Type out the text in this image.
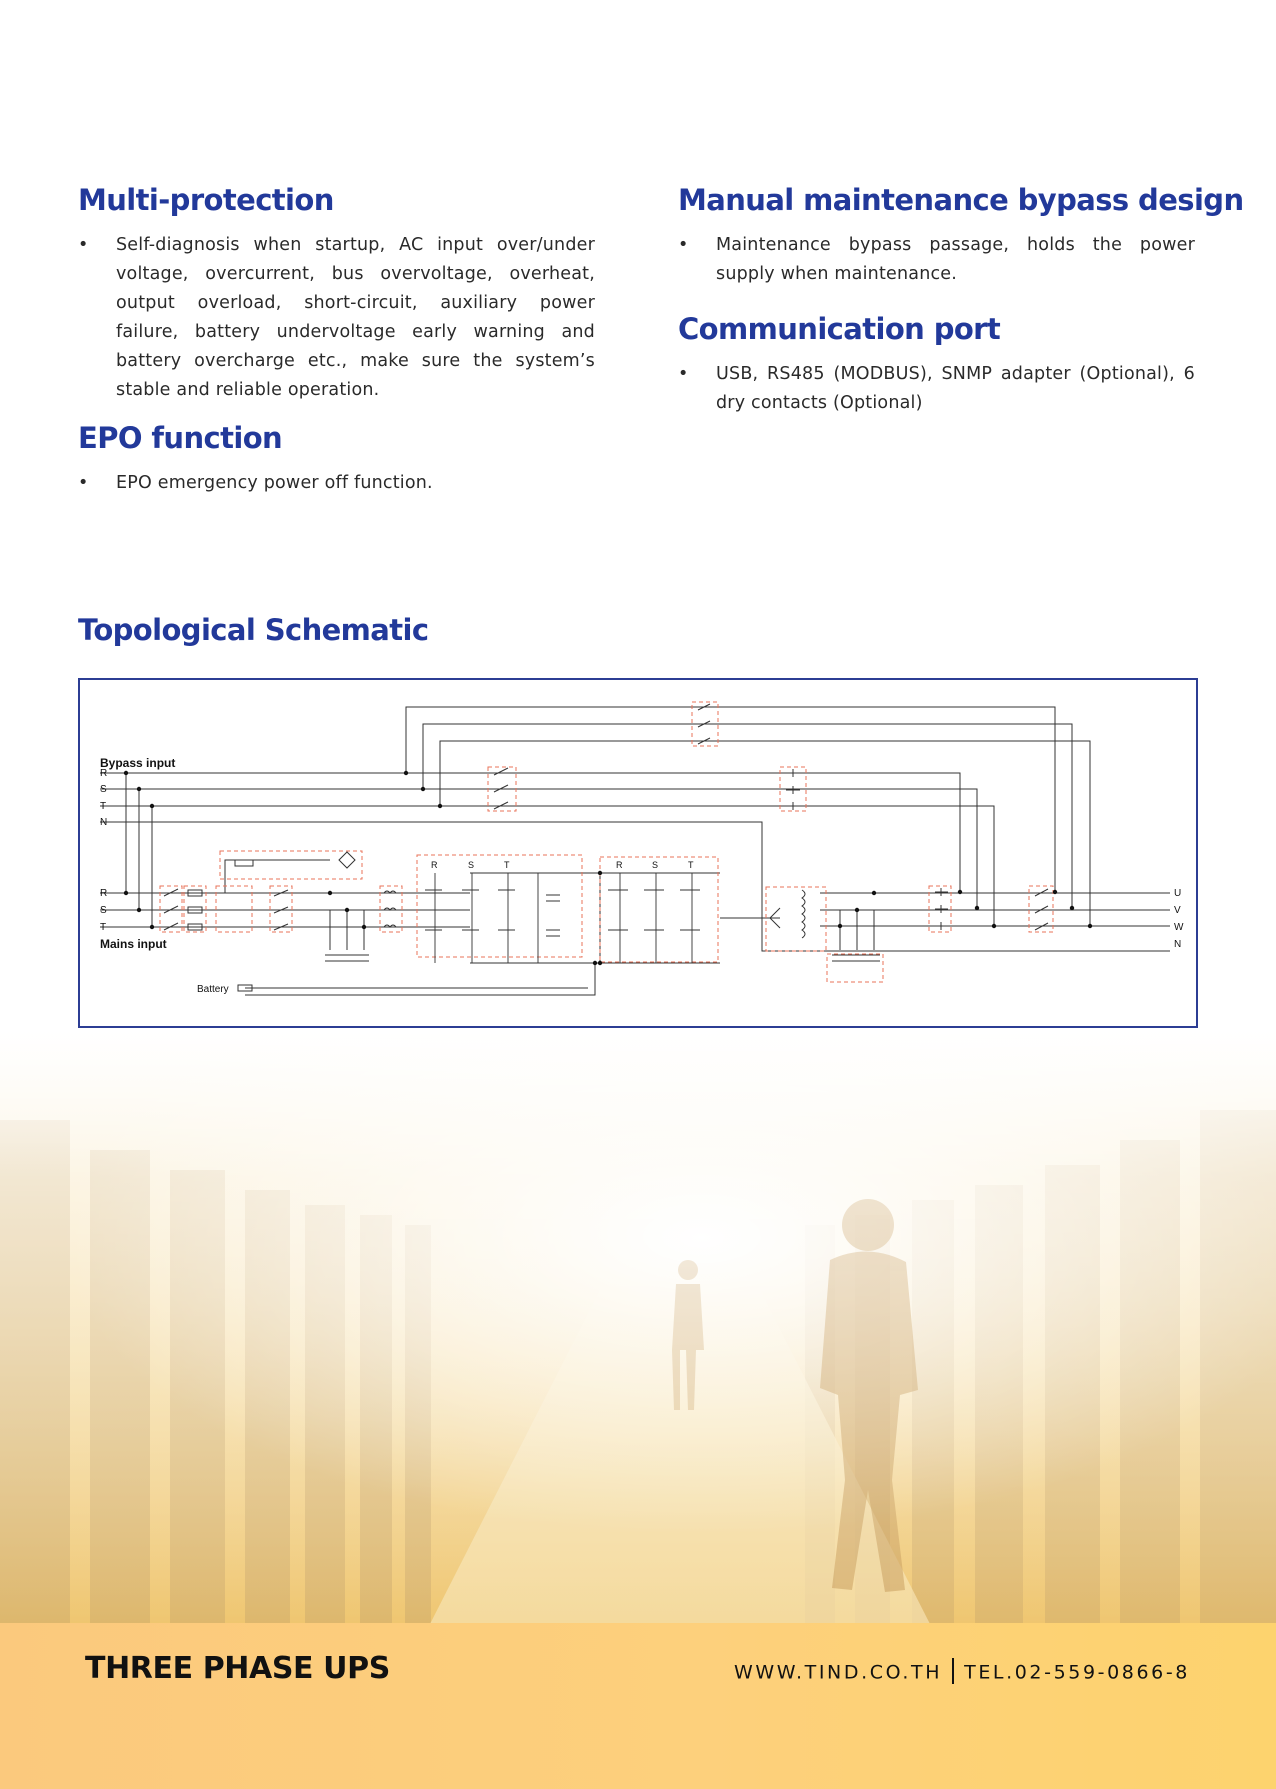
Multi-protection
• Self-diagnosis when startup, AC input over/under voltage, overcurrent, bus overvoltage, overheat, output overload, short-circuit, auxiliary power failure, battery undervoltage early warning and battery overcharge etc., make sure the system’s stable and reliable operation.
EPO function
• EPO emergency power off function.
Manual maintenance bypass design
• Maintenance bypass passage, holds the power supply when maintenance.
Communication port
• USB, RS485 (MODBUS), SNMP adapter (Optional), 6 dry contacts (Optional)
Topological Schematic
Bypass input
R
S
T
N
R
S
T
Mains input
Battery
R	S	T	R	S	T
U
V
W
N
THREE PHASE UPS	WWW.TIND.CO.TH TEL.02-559-0866-8
